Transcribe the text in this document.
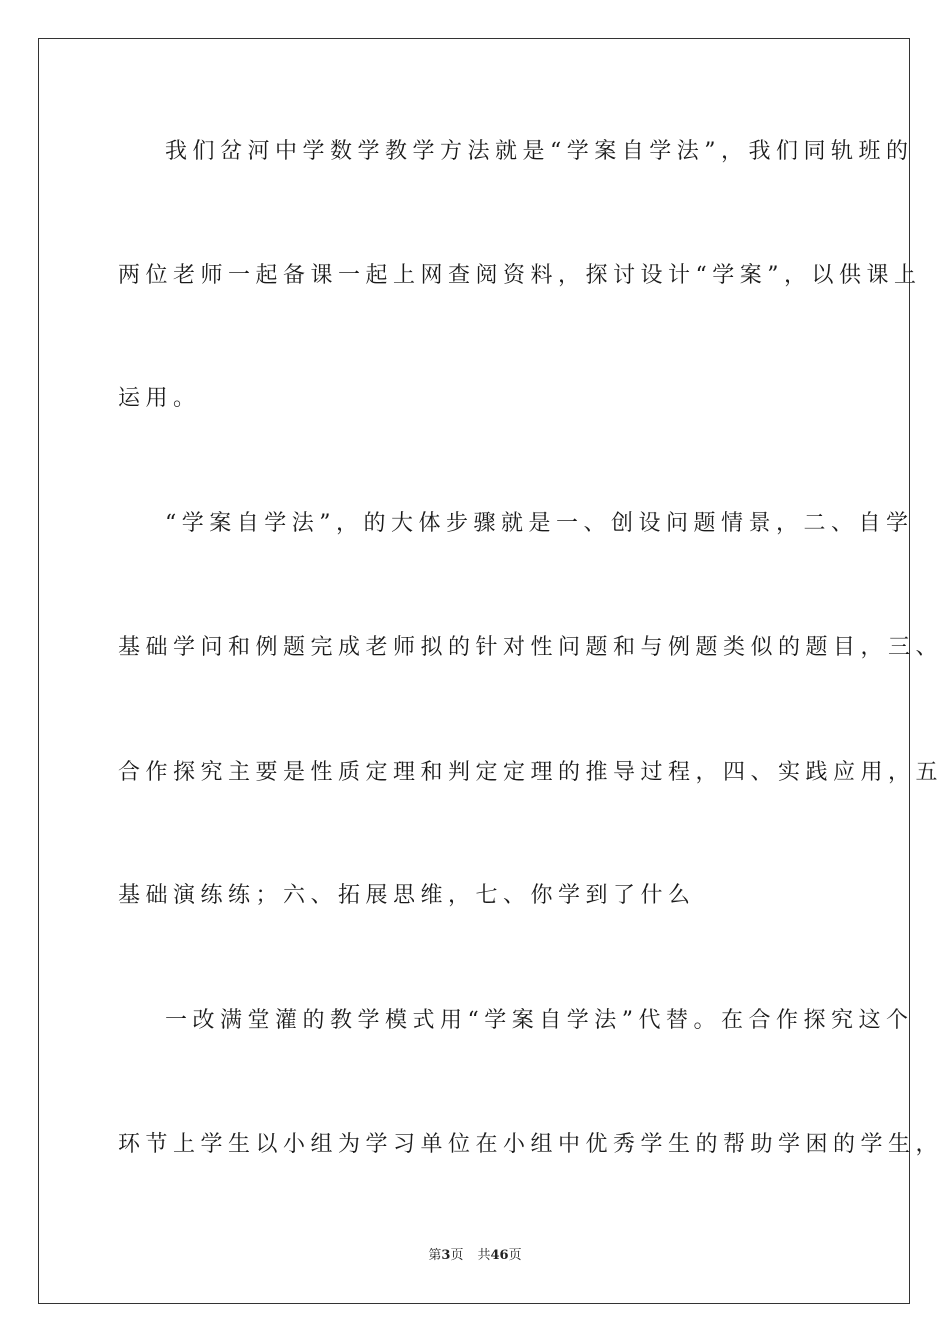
我们岔河中学数学教学方法就是“学案自学法”，我们同轨班的
两位老师一起备课一起上网查阅资料，探讨设计“学案”，以供课上
运用。
“学案自学法”，的大体步骤就是一、创设问题情景，二、自学
基础学问和例题完成老师拟的针对性问题和与例题类似的题目，三、
合作探究主要是性质定理和判定定理的推导过程，四、实践应用，五
基础演练练；六、拓展思维，七、你学到了什么
一改满堂灌的教学模式用“学案自学法”代替。在合作探究这个
环节上学生以小组为学习单位在小组中优秀学生的帮助学困的学生，
第3页 共46页
